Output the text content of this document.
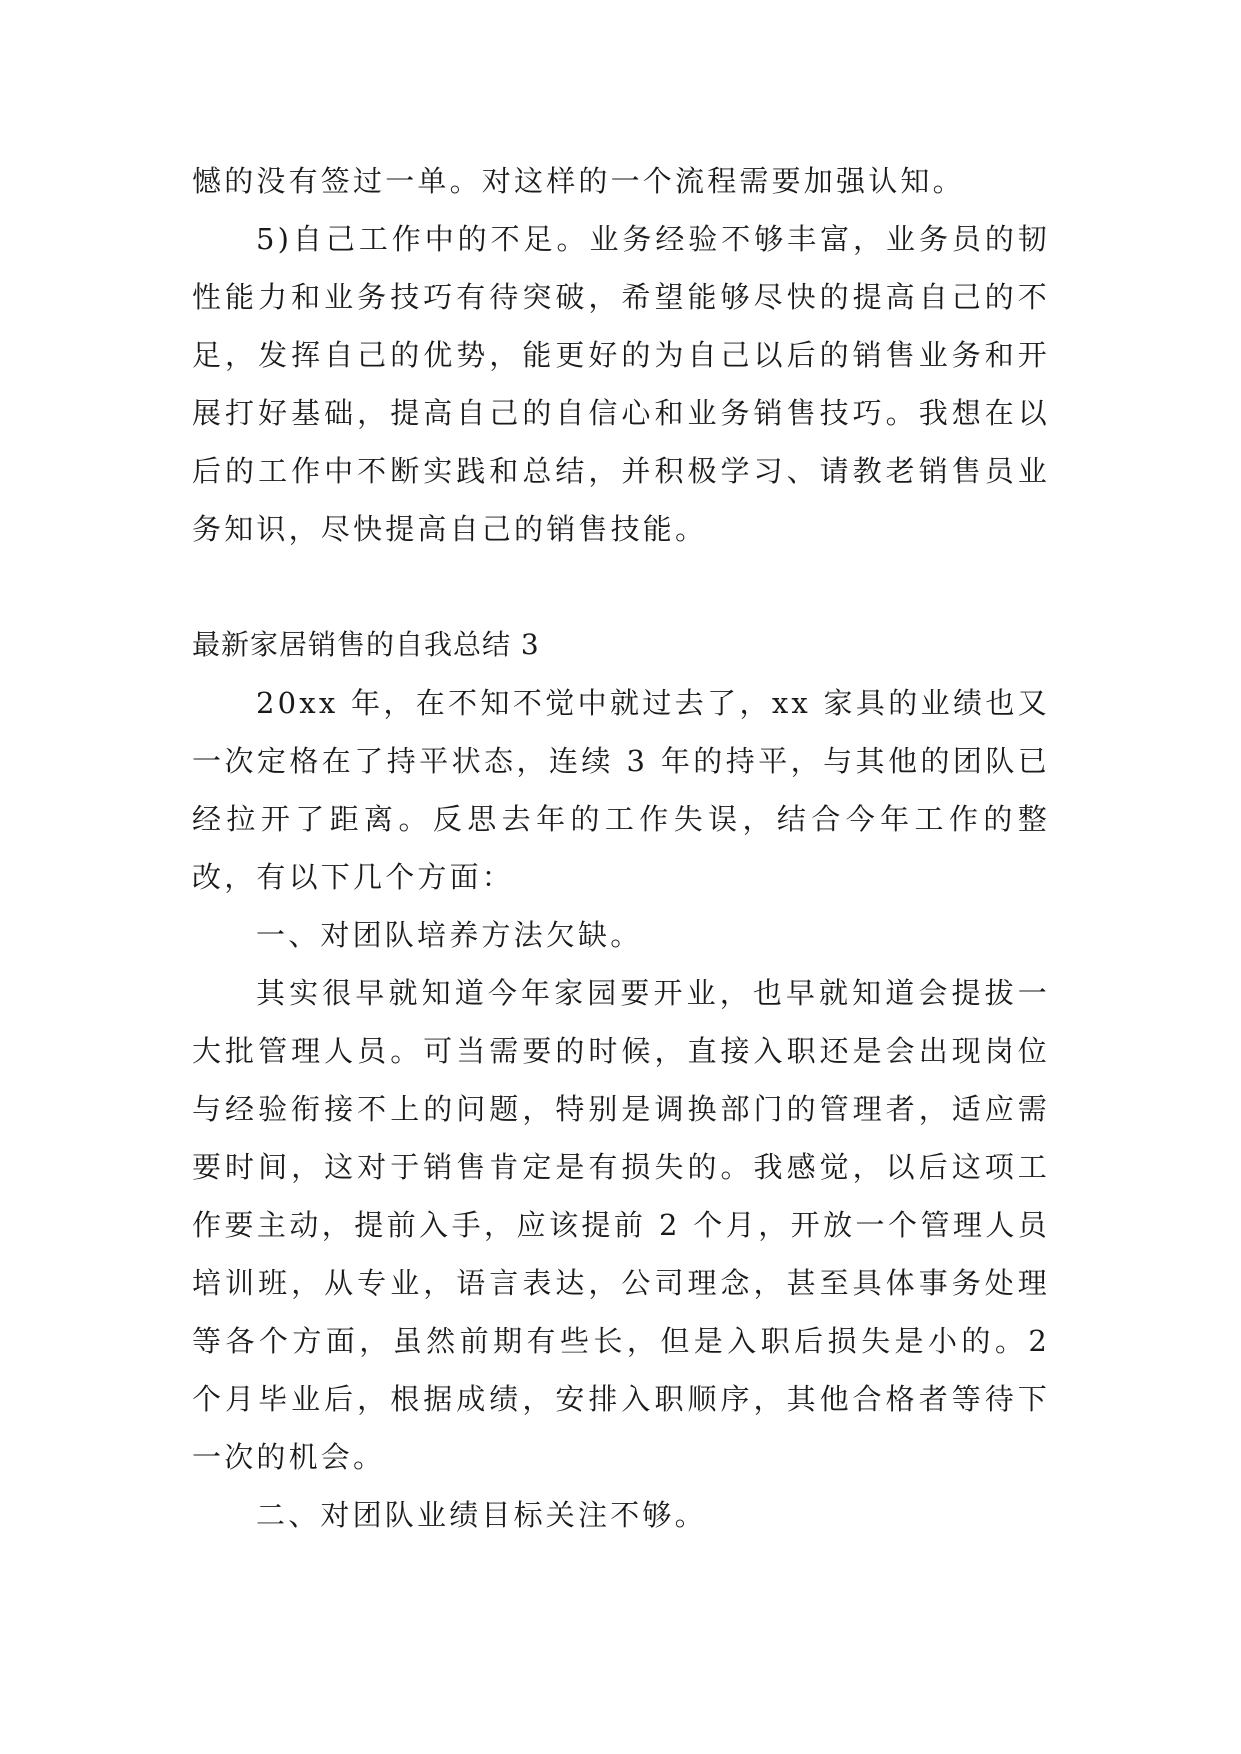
憾的没有签过一单。对这样的一个流程需要加强认知。

5)自己工作中的不足。业务经验不够丰富，业务员的韧性能力和业务技巧有待突破，希望能够尽快的提高自己的不足，发挥自己的优势，能更好的为自己以后的销售业务和开展打好基础，提高自己的自信心和业务销售技巧。我想在以后的工作中不断实践和总结，并积极学习、请教老销售员业务知识，尽快提高自己的销售技能。

最新家居销售的自我总结 3

20xx 年，在不知不觉中就过去了，xx 家具的业绩也又一次定格在了持平状态，连续 3 年的持平，与其他的团队已经拉开了距离。反思去年的工作失误，结合今年工作的整改，有以下几个方面：

一、对团队培养方法欠缺。

其实很早就知道今年家园要开业，也早就知道会提拔一大批管理人员。可当需要的时候，直接入职还是会出现岗位与经验衔接不上的问题，特别是调换部门的管理者，适应需要时间，这对于销售肯定是有损失的。我感觉，以后这项工作要主动，提前入手，应该提前 2 个月，开放一个管理人员培训班，从专业，语言表达，公司理念，甚至具体事务处理等各个方面，虽然前期有些长，但是入职后损失是小的。2个月毕业后，根据成绩，安排入职顺序，其他合格者等待下一次的机会。

二、对团队业绩目标关注不够。
